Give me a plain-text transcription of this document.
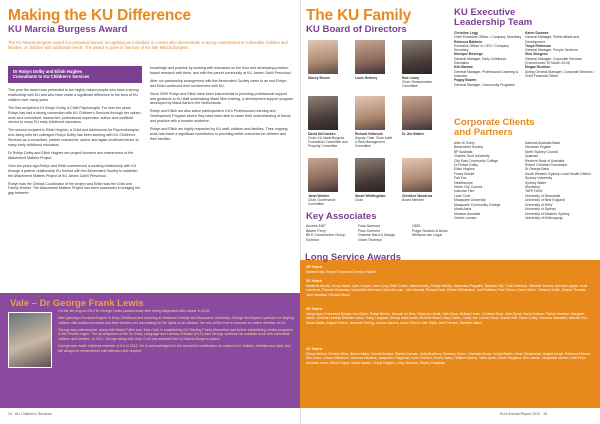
Making the KU Difference
KU Marcia Burgess Award
The KU Marcia Burgess Award is a perpetual honour recognising an individual or a team who demonstrate a strong commitment to vulnerable children and families, or children with additional needs. The award is given in memory of the late Marcia Burgess.
Dr Robyn Dolby and Eilish Hughes
Consultants to KU Children's Services

This year the award was presented to two highly valued people who have a strong relationship with KU and who have made a significant difference to the lives of KU children over many years.

The first recipient is Dr Robyn Dolby, a Child Psychologist. For over ten years Robyn has had a strong connection with KU Children's Services through her valued work as a consultant, researcher, professional supervisor, author and unofficial mentor to many KU early childhood educators.

The second recipient is Eilish Hughes, a Child and Adolescent Art Psychotherapist, who along with her colleague Robyn Dolby has been working with KU Children's Services as a consultant, partner researcher, author and again unofficial mentor to many early childhood educators.

Dr Robyn Dolby and Eilish Hughes are project founders and researchers of the Attachment Matters Project.

Over ten years ago Robyn and Eilish commenced a working relationship with KU through a partner relationship KU formed with the Benevolent Society to establish the Attachment Matters Project at KU James Cahill Preschool.

Robyn was the Clinical Coordinator of the project and Eilish was the Child and Family Worker. The Attachment Matters Project has been successful in bridging the gap between

knowledge and practice by working with educators on the floor and developing practice-based research with them, and with the parent community at KU James Cahill Preschool.

After our partnership arrangement with the Benevolent Society came to an end Robyn and Eilish continued their involvement with KU.

Since 2009 Robyn and Eilish have been instrumental in providing professional support and guidance to KU staff undertaking Marte Meo training, a development support program developed by Maria Aarts in the Netherlands.

Robyn and Eilish are also active participants in KU's Professional Learning and Development Program where they have been able to share their understanding of theory and practice with a broader audience.

Robyn and Eilish are highly respected by KU staff, children and families. Their ongoing work has made a significant contribution to providing better outcomes for children and their families.

Vale – Dr George Frank Lewis

On the 5th August 2012 Dr George Lewis passed away after being diagnosed with cancer in 2010.

After gaining a Doctoral Degree in Early Childhood and lecturing at Newtown College and Macquarie University, George developed a passion for helping children with additional needs and their families and advocating for the rights of all children. He was at this time to become an active member of KU.

George was instrumental, along with Maria Pulled and Judy Croll, in establishing KU Starting Points Macarthur and further establishing similar programs in the Penrith region. The development of the KU Early Language and Literacy Initiative (ELLI) saw George continue his valuable work with vulnerable children and families. In 2011, George along with Judy Croll was awarded the KU Marcia Burgess Award.

George was made a lifetime member of KU in 2012. He is acknowledged for the wonderful contribution he made to KU children, families and staff, and will always be remembered with affection and respect.

14 KU Children's Services
The KU Family
KU Board of Directors
Stacey Brown	Louis Herbery	Rob Lowry
Chair, Remuneration Committee
David McCracken
Chair, KU Marie Burgess Foundation Committee and Property Committee
Richard Holbrook
Deputy Chair, Chair Audit & Risk Management Committee
Dr Jim Stabler

Janet Weeber
Chair, Governance Committee
Stuart Whittingham
Chair
Christine Woodrow
Board Member
Key Associates
Access EAP
Baxter Ferry
BKS Construction Group
Echelon
Foss Samson
Flow Connect
Graeme Bard & Design
Grant Thornton
ODIE
Pulge Seddon & Aniss
Williams van Legal
KU Executive
Leadership Team
Christine Legg
Chief Executive Officer / Company Secretary
Rebecca Baldwin
Executive Officer to CEO / Company Secretary
Monique Bessege
General Manager, Early Childhood Education
Kim Barlow
General Manager, Professional Learning & Inclusion
Poppy Bowen
General Manager, Community Programs
Karen Downes
General Manager, Public Affairs and Development
Tanya Robinson
General Manager, People Services
Sina Sturgess
General Manager, Corporate Services (Commenced 15 March 2013)
Megan Rushton
Acting General Manager, Corporate Services / Chief Financial Officer
Corporate Clients
and Partners
Allen & Overy
Benevolent Society
BP Australia
Charles Sturt University
City East Community College
Dr Robyn Dolby
Eilish Hughes
Fuses Minute
Fair Fax
Healthscope
Home City Council
Inclusive Hire
Lane Cove
Macquarie University
Macquarie Community College
Maria Aarts
Marston Australia
Centre London
National Australia Bank
Newtown English
North Sydney Council
Quantas
Reserve Bank of Australia
Robert Christian Foundation
St George Bank
South Western Sydney Local Health District
Sydney University
Sydney Water
Stockland
TAFE NSW
University of Newcastle
University of New England
University of NSW
University of Sydney
University of Western Sydney
University of Wollongong
Long Service Awards
35 Years
Dianne Kelly, Robyn Thorpe and Denise Riddell
30 Years
Madeline Arnold, Jenny Boyce, Lynn Cooper, Jane Curry, Beth Collins, Marisa Daley, Felicity McVey, Jacqueline Pappafin, Barbara Holt, Trudi Robinson, Michelle Sturmal, Antonia Lappas, Anne Lawrence, Pamela Mousseau, Samantha Wennford, Mary McLean, John Marriott, Richard Noel, Kirsten Richardson, Gail Robbins, Pearl Sheen, Karen Stone, Christine Smith, Sharon Thomas, Jane Wardlaw, Sylvana Wood
20 Years
Jacqui Ayer, Francesca Bonsai, Ann Bryce, Robyn Burton, Hannah de Brito, Rebecca Hewitt, Julie Hoss, Melissa Hosie, Christine Rose, Kate Byrne, Sonia Evanas, Rachel Harrison, Margaret Harris, Gemma Horsfall, Belinda Horton, Kirsty Lampard, Wendy MacDonald, Michelle Marsh, Mary Carter, Cathy Joe, Leanie Flood, Dianne Bell, Diane Cosby, Vanessa Mansfield, Meisha Prior, Sarah Maffia, Angela Pearce, Jeanette Kerring, Leanne Mavers, Karen Ranch, Sam Ralla, Jane Prenton, Michelle Aitken
10 Years
Elissa Ashbee, Ronene Blow, Helen Hobbs, Carmel Ashbee, Rachel Gorman, Kelly Bradbury, Kimberly Green, Charlotte Kinner, Sonya Martin, Karen Skowronski, Angela Arnold, Rebecca Holmes, Kim Grant, Leeann Wilkinson, Vanessa Hawkins, Jacqueline Fitzgerald, Kylie Pearson, Emma Vasey, Heather Adams, Tania Lynch, Karen Ringland, Deb Lamas, Jacqueline Morton, Kate Price, Amanda Jones, Gloria Grigos, Sarah Hawes, Cheryl Hogben, Chey Hutchins, Hayley Chapman
KU's Annual Report 2012 15
